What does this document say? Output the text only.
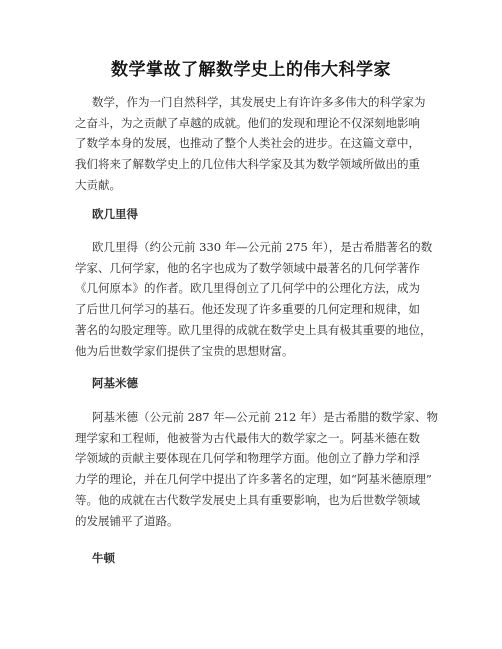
数学掌故了解数学史上的伟大科学家

数学，作为一门自然科学，其发展史上有许许多多伟大的科学家为
之奋斗，为之贡献了卓越的成就。他们的发现和理论不仅深刻地影响
了数学本身的发展，也推动了整个人类社会的进步。在这篇文章中，
我们将来了解数学史上的几位伟大科学家及其为数学领域所做出的重
大贡献。

欧几里得

欧几里得（约公元前 330 年—公元前 275 年），是古希腊著名的数
学家、几何学家，他的名字也成为了数学领域中最著名的几何学著作
《几何原本》的作者。欧几里得创立了几何学中的公理化方法，成为
了后世几何学习的基石。他还发现了许多重要的几何定理和规律，如
著名的勾股定理等。欧几里得的成就在数学史上具有极其重要的地位，
他为后世数学家们提供了宝贵的思想财富。

阿基米德

阿基米德（公元前 287 年—公元前 212 年）是古希腊的数学家、物
理学家和工程师，他被誉为古代最伟大的数学家之一。阿基米德在数
学领域的贡献主要体现在几何学和物理学方面。他创立了静力学和浮
力学的理论，并在几何学中提出了许多著名的定理，如“阿基米德原理”
等。他的成就在古代数学发展史上具有重要影响，也为后世数学领域
的发展铺平了道路。

牛顿
